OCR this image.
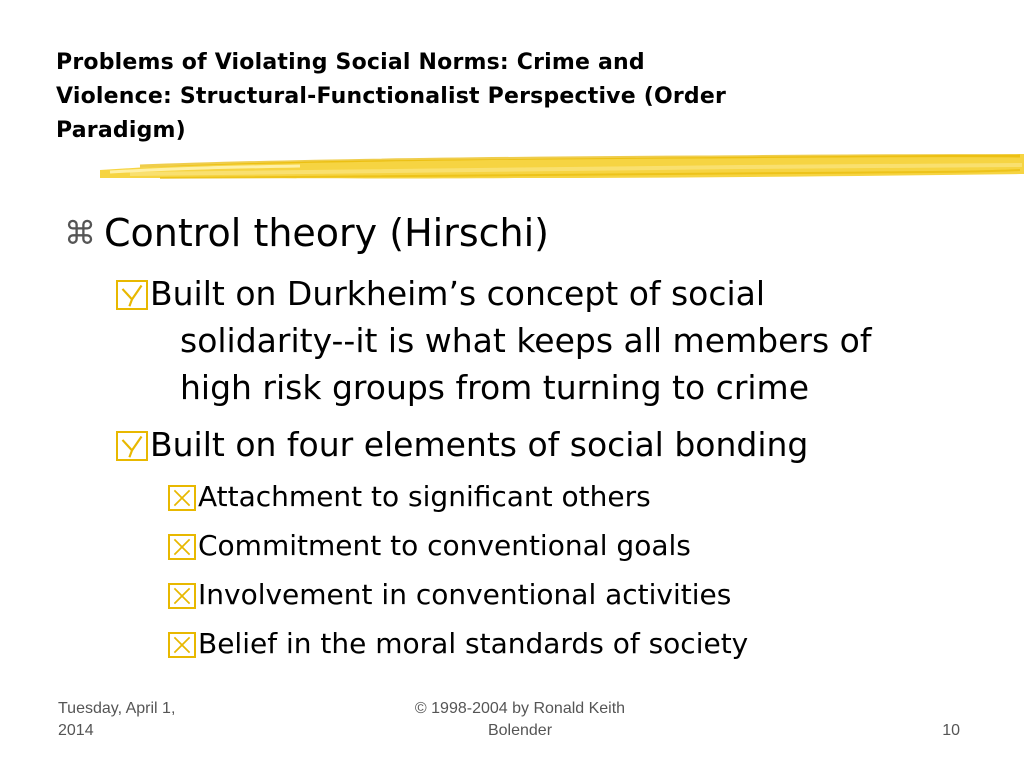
Problems of Violating Social Norms: Crime and
Violence: Structural-Functionalist Perspective (Order
Paradigm)
⌘ Control theory (Hirschi)
Built on Durkheim’s concept of social
solidarity--it is what keeps all members of
high risk groups from turning to crime
Built on four elements of social bonding
Attachment to significant others
Commitment to conventional goals
Involvement in conventional activities
Belief in the moral standards of society
Tuesday, April 1,
2014
© 1998-2004 by Ronald Keith
Bolender	10
